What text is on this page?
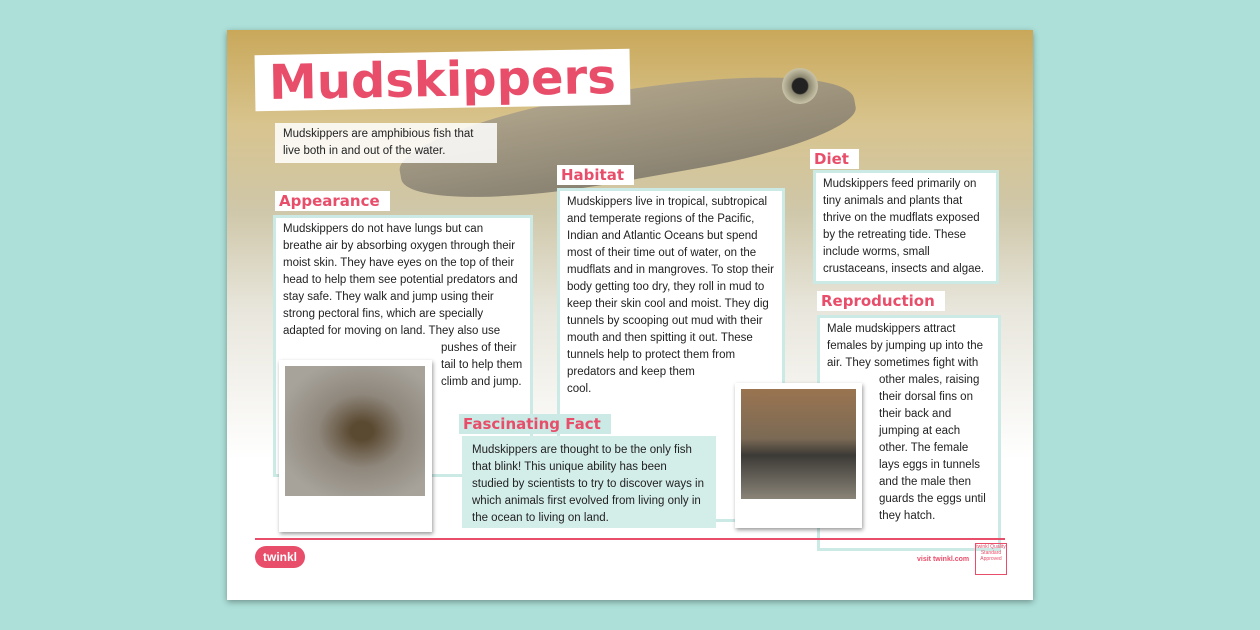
Mudskippers
Mudskippers are amphibious fish that live both in and out of the water.
Appearance
Mudskippers do not have lungs but can breathe air by absorbing oxygen through their moist skin. They have eyes on the top of their head to help them see potential predators and stay safe. They walk and jump using their strong pectoral fins, which are specially adapted for moving on land. They also use pushes of their tail to help them climb and jump.
Habitat
Mudskippers live in tropical, subtropical and temperate regions of the Pacific, Indian and Atlantic Oceans but spend most of their time out of water, on the mudflats and in mangroves. To stop their body getting too dry, they roll in mud to keep their skin cool and moist. They dig tunnels by scooping out mud with their mouth and then spitting it out. These tunnels help to protect them from predators and keep them cool.
Diet
Mudskippers feed primarily on tiny animals and plants that thrive on the mudflats exposed by the retreating tide. These include worms, small crustaceans, insects and algae.
Reproduction
Male mudskippers attract females by jumping up into the air. They sometimes fight with other males, raising their dorsal fins on their back and jumping at each other. The female lays eggs in tunnels and the male then guards the eggs until they hatch.
Fascinating Fact
Mudskippers are thought to be the only fish that blink! This unique ability has been studied by scientists to try to discover ways in which animals first evolved from living only in the ocean to living on land.
twinkl	visit twinkl.com
twinkl Quality Standard Approved
